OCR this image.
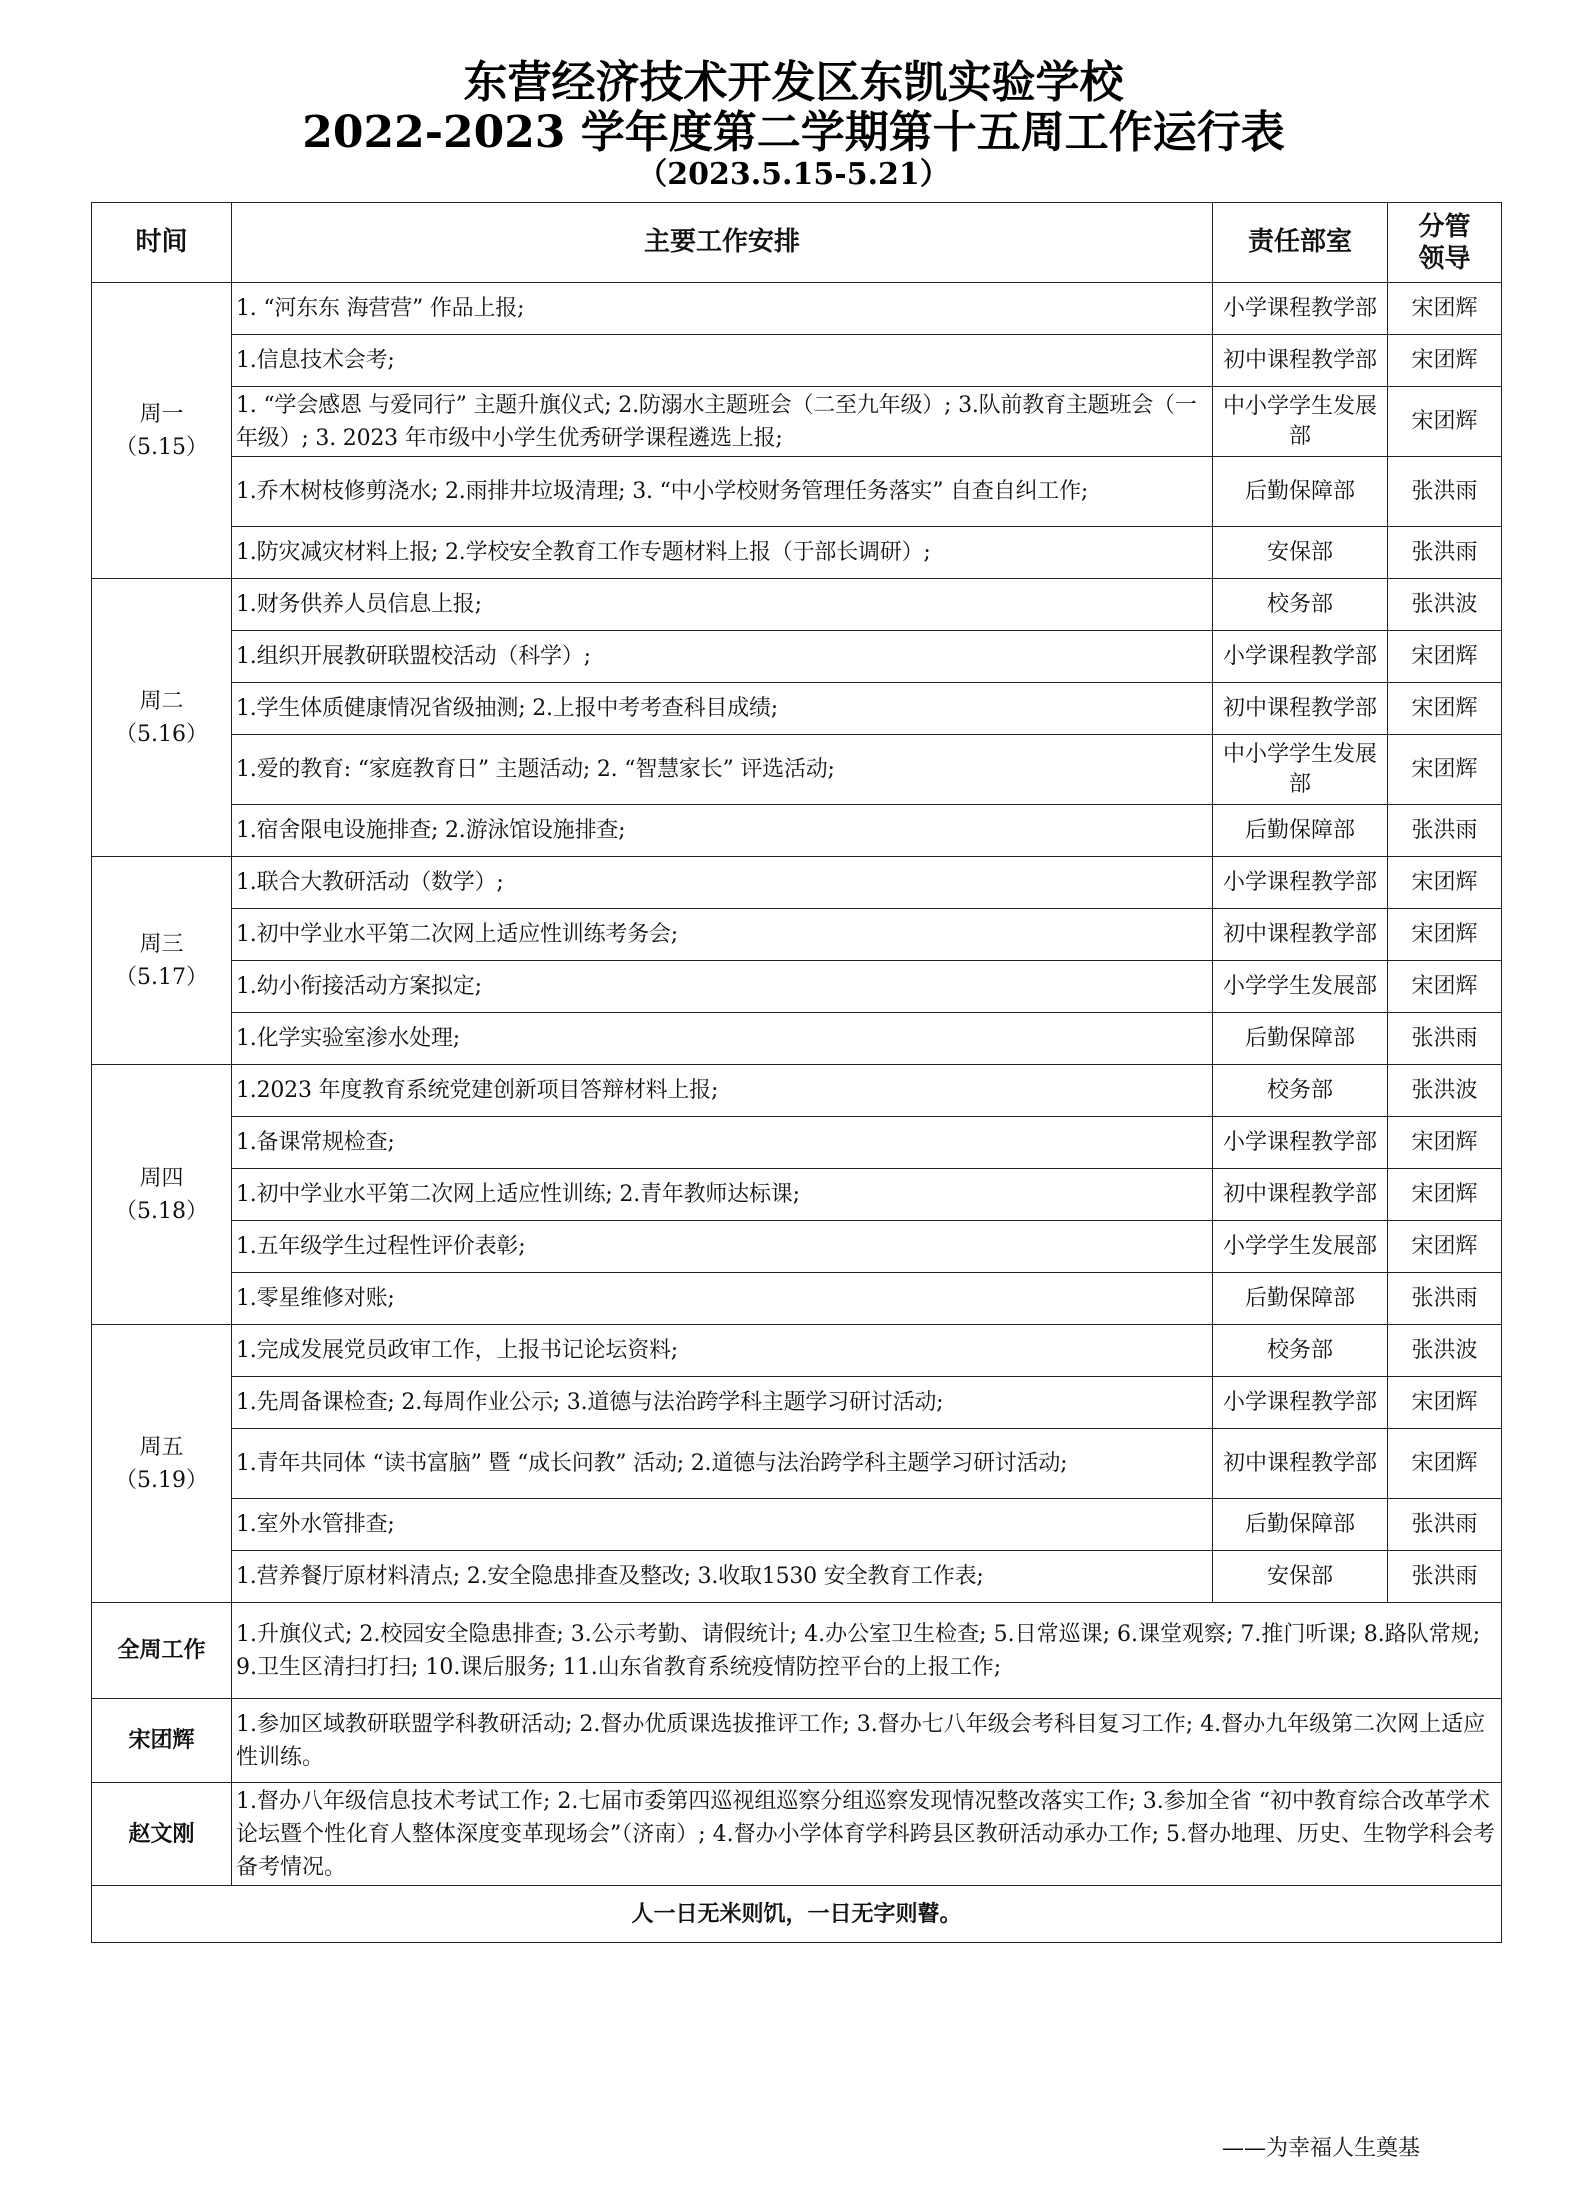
东营经济技术开发区东凯实验学校
2022-2023 学年度第二学期第十五周工作运行表
（2023.5.15-5.21）
时间	主要工作安排	责任部室	分管
领导

周一
（5.15）	1. “河东东 海营营” 作品上报;	小学课程教学部	宋团辉
	1.信息技术会考;	初中课程教学部	宋团辉
	1. “学会感恩 与爱同行” 主题升旗仪式; 2.防溺水主题班会（二至九年级）; 3.队前教育主题班会（一年级）; 3. 2023 年市级中小学生优秀研学课程遴选上报;	中小学学生发展部	宋团辉
	1.乔木树枝修剪浇水; 2.雨排井垃圾清理; 3. “中小学校财务管理任务落实” 自查自纠工作;	后勤保障部	张洪雨
	1.防灾减灾材料上报; 2.学校安全教育工作专题材料上报（于部长调研）;	安保部	张洪雨

周二
（5.16）	1.财务供养人员信息上报;	校务部	张洪波
	1.组织开展教研联盟校活动（科学）;	小学课程教学部	宋团辉
	1.学生体质健康情况省级抽测; 2.上报中考考查科目成绩;	初中课程教学部	宋团辉
	1.爱的教育: “家庭教育日” 主题活动; 2. “智慧家长” 评选活动;	中小学学生发展部	宋团辉
	1.宿舍限电设施排查; 2.游泳馆设施排查;	后勤保障部	张洪雨

周三
（5.17）	1.联合大教研活动（数学）;	小学课程教学部	宋团辉
	1.初中学业水平第二次网上适应性训练考务会;	初中课程教学部	宋团辉
	1.幼小衔接活动方案拟定;	小学学生发展部	宋团辉
	1.化学实验室渗水处理;	后勤保障部	张洪雨

周四
（5.18）	1.2023 年度教育系统党建创新项目答辩材料上报;	校务部	张洪波
	1.备课常规检查;	小学课程教学部	宋团辉
	1.初中学业水平第二次网上适应性训练; 2.青年教师达标课;	初中课程教学部	宋团辉
	1.五年级学生过程性评价表彰;	小学学生发展部	宋团辉
	1.零星维修对账;	后勤保障部	张洪雨

周五
（5.19）	1.完成发展党员政审工作，上报书记论坛资料;	校务部	张洪波
	1.先周备课检查; 2.每周作业公示; 3.道德与法治跨学科主题学习研讨活动;	小学课程教学部	宋团辉
	1.青年共同体 “读书富脑” 暨 “成长问教” 活动; 2.道德与法治跨学科主题学习研讨活动;	初中课程教学部	宋团辉
	1.室外水管排查;	后勤保障部	张洪雨
	1.营养餐厅原材料清点; 2.安全隐患排查及整改; 3.收取1530 安全教育工作表;	安保部	张洪雨
全周工作	1.升旗仪式; 2.校园安全隐患排查; 3.公示考勤、请假统计; 4.办公室卫生检查; 5.日常巡课; 6.课堂观察; 7.推门听课; 8.路队常规; 9.卫生区清扫打扫; 10.课后服务; 11.山东省教育系统疫情防控平台的上报工作;		
宋团辉	1.参加区域教研联盟学科教研活动; 2.督办优质课选拔推评工作; 3.督办七八年级会考科目复习工作; 4.督办九年级第二次网上适应性训练。		
赵文刚	1.督办八年级信息技术考试工作; 2.七届市委第四巡视组巡察分组巡察发现情况整改落实工作; 3.参加全省 “初中教育综合改革学术论坛暨个性化育人整体深度变革现场会”（济南）; 4.督办小学体育学科跨县区教研活动承办工作; 5.督办地理、历史、生物学科会考备考情况。		
人一日无米则饥，一日无字则瞽。			
——为幸福人生奠基
